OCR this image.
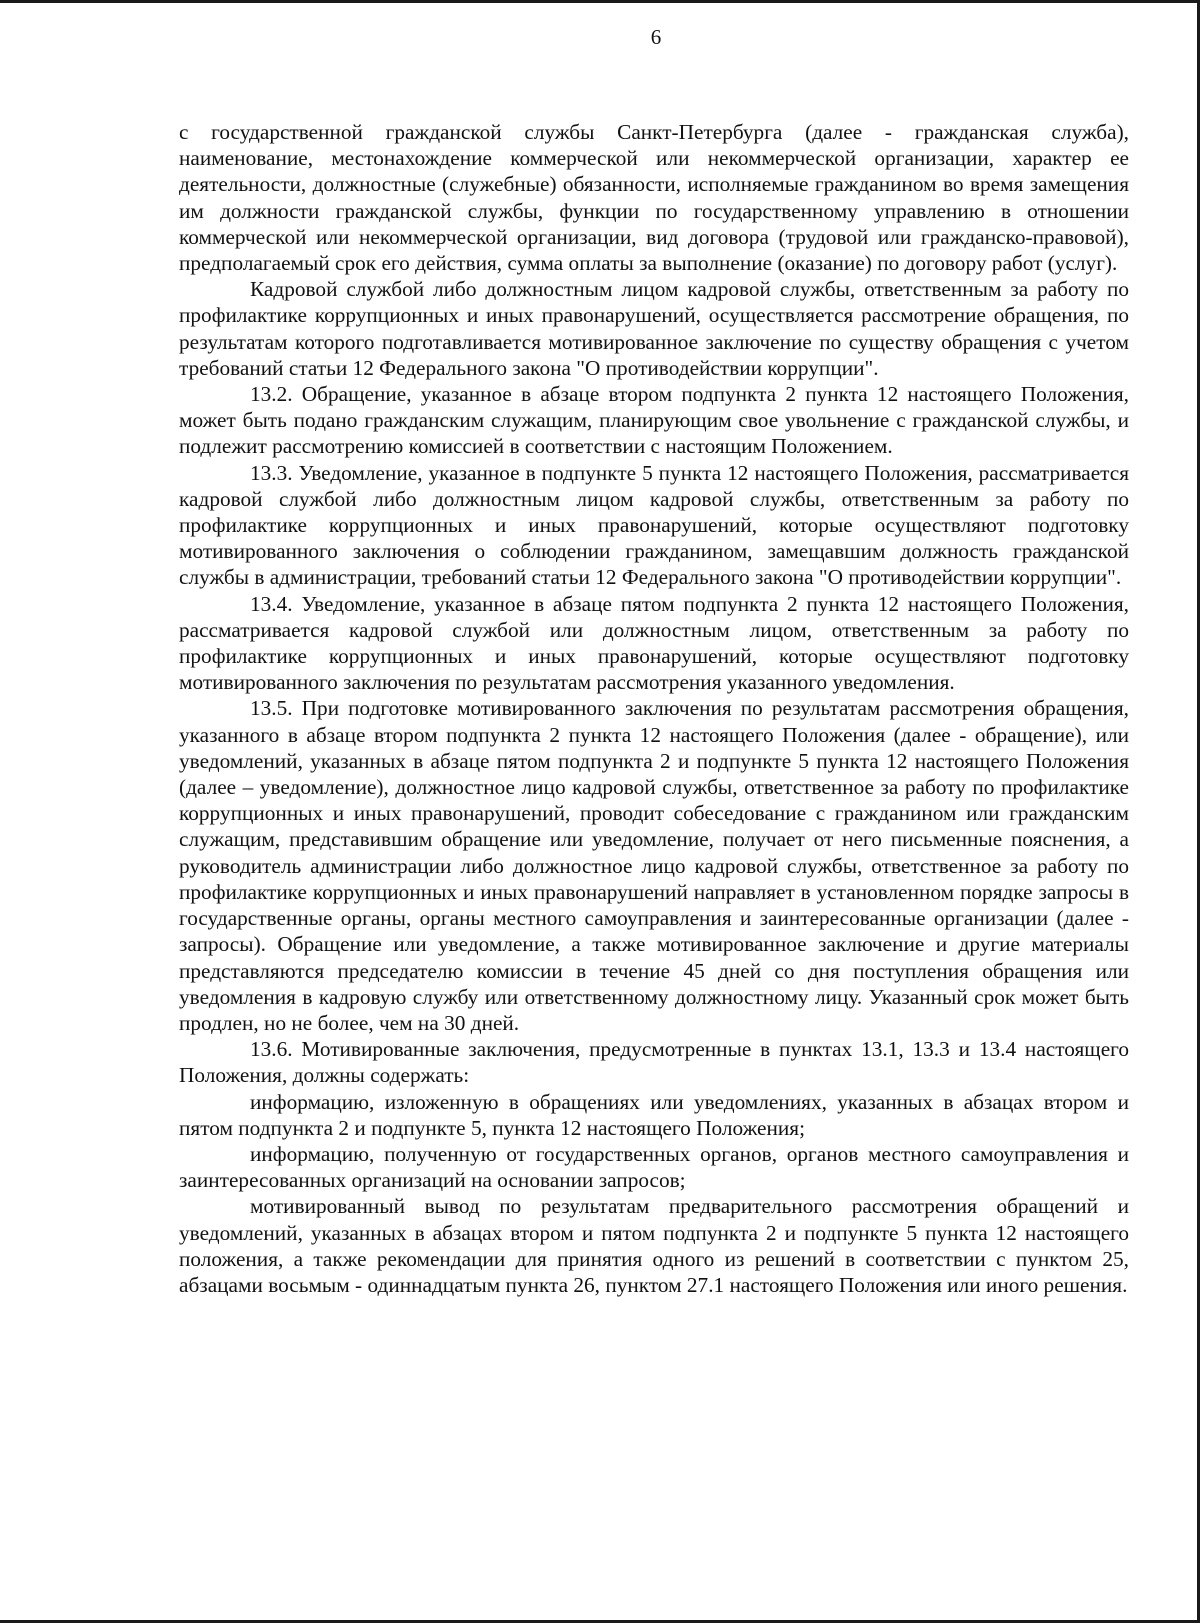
6

с государственной гражданской службы Санкт-Петербурга (далее - гражданская служба), наименование, местонахождение коммерческой или некоммерческой организации, характер ее деятельности, должностные (служебные) обязанности, исполняемые гражданином во время замещения им должности гражданской службы, функции по государственному управлению в отношении коммерческой или некоммерческой организации, вид договора (трудовой или гражданско-правовой), предполагаемый срок его действия, сумма оплаты за выполнение (оказание) по договору работ (услуг).

Кадровой службой либо должностным лицом кадровой службы, ответственным за работу по профилактике коррупционных и иных правонарушений, осуществляется рассмотрение обращения, по результатам которого подготавливается мотивированное заключение по существу обращения с учетом требований статьи 12 Федерального закона "О противодействии коррупции".

13.2. Обращение, указанное в абзаце втором подпункта 2 пункта 12 настоящего Положения, может быть подано гражданским служащим, планирующим свое увольнение с гражданской службы, и подлежит рассмотрению комиссией в соответствии с настоящим Положением.

13.3. Уведомление, указанное в подпункте 5 пункта 12 настоящего Положения, рассматривается кадровой службой либо должностным лицом кадровой службы, ответственным за работу по профилактике коррупционных и иных правонарушений, которые осуществляют подготовку мотивированного заключения о соблюдении гражданином, замещавшим должность гражданской службы в администрации, требований статьи 12 Федерального закона "О противодействии коррупции".

13.4. Уведомление, указанное в абзаце пятом подпункта 2 пункта 12 настоящего Положения, рассматривается кадровой службой или должностным лицом, ответственным за работу по профилактике коррупционных и иных правонарушений, которые осуществляют подготовку мотивированного заключения по результатам рассмотрения указанного уведомления.

13.5. При подготовке мотивированного заключения по результатам рассмотрения обращения, указанного в абзаце втором подпункта 2 пункта 12 настоящего Положения (далее - обращение), или уведомлений, указанных в абзаце пятом подпункта 2 и подпункте 5 пункта 12 настоящего Положения (далее – уведомление), должностное лицо кадровой службы, ответственное за работу по профилактике коррупционных и иных правонарушений, проводит собеседование с гражданином или гражданским служащим, представившим обращение или уведомление, получает от него письменные пояснения, а руководитель администрации либо должностное лицо кадровой службы, ответственное за работу по профилактике коррупционных и иных правонарушений направляет в установленном порядке запросы в государственные органы, органы местного самоуправления и заинтересованные организации (далее - запросы). Обращение или уведомление, а также мотивированное заключение и другие материалы представляются председателю комиссии в течение 45 дней со дня поступления обращения или уведомления в кадровую службу или ответственному должностному лицу. Указанный срок может быть продлен, но не более, чем на 30 дней.

13.6. Мотивированные заключения, предусмотренные в пунктах 13.1, 13.3 и 13.4 настоящего Положения, должны содержать:

информацию, изложенную в обращениях или уведомлениях, указанных в абзацах втором и пятом подпункта 2 и подпункте 5, пункта 12 настоящего Положения;

информацию, полученную от государственных органов, органов местного самоуправления и заинтересованных организаций на основании запросов;

мотивированный вывод по результатам предварительного рассмотрения обращений и уведомлений, указанных в абзацах втором и пятом подпункта 2 и подпункте 5 пункта 12 настоящего положения, а также рекомендации для принятия одного из решений в соответствии с пунктом 25, абзацами восьмым - одиннадцатым пункта 26, пунктом 27.1 настоящего Положения или иного решения.
